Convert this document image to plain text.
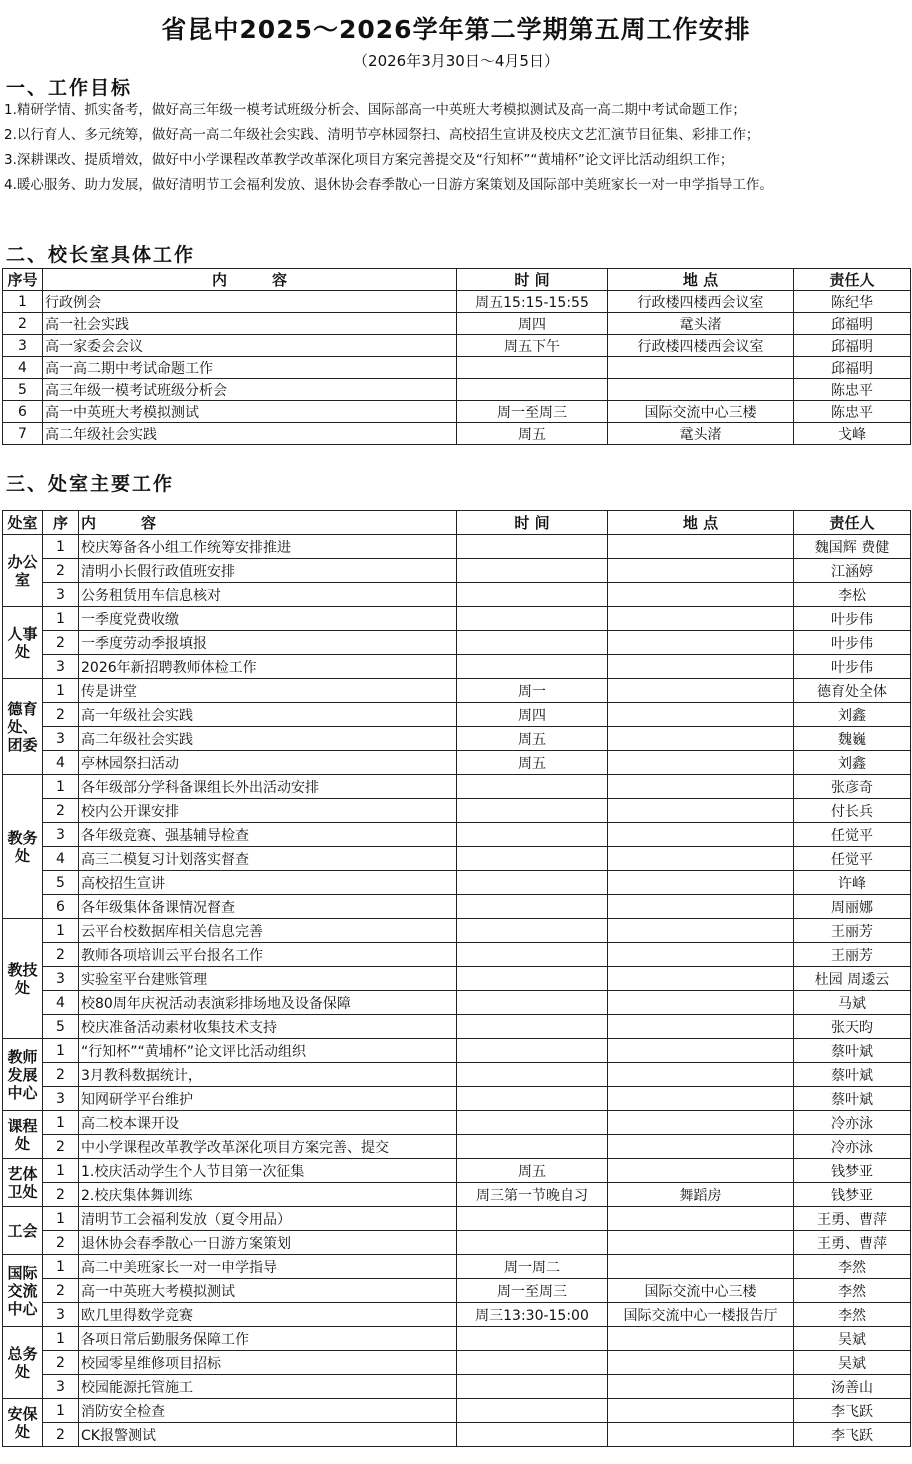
省昆中2025～2026学年第二学期第五周工作安排
（2026年3月30日～4月5日）
一、工作目标
1.精研学情、抓实备考，做好高三年级一模考试班级分析会、国际部高一中英班大考模拟测试及高一高二期中考试命题工作；
2.以行育人、多元统筹，做好高一高二年级社会实践、清明节亭林园祭扫、高校招生宣讲及校庆文艺汇演节目征集、彩排工作；
3.深耕课改、提质增效，做好中小学课程改革教学改革深化项目方案完善提交及“行知杯”“黄埔杯”论文评比活动组织工作；
4.暖心服务、助力发展，做好清明节工会福利发放、退休协会春季散心一日游方案策划及国际部中美班家长一对一申学指导工作。
二、校长室具体工作
序号	内　　　容	时 间	地 点	责任人
1	行政例会	周五15:15-15:55	行政楼四楼西会议室	陈纪华
2	高一社会实践	周四	鼋头渚	邱福明
3	高一家委会会议	周五下午	行政楼四楼西会议室	邱福明
4	高一高二期中考试命题工作			邱福明
5	高三年级一模考试班级分析会			陈忠平
6	高一中英班大考模拟测试	周一至周三	国际交流中心三楼	陈忠平
7	高二年级社会实践	周五	鼋头渚	戈峰
三、处室主要工作
处室	序	内　　　容	时 间	地 点	责任人
办公室	1	校庆筹备各小组工作统筹安排推进			魏国辉 费健
	2	清明小长假行政值班安排			江涵婷
	3	公务租赁用车信息核对			李松
人事处	1	一季度党费收缴			叶步伟
	2	一季度劳动季报填报			叶步伟
	3	2026年新招聘教师体检工作			叶步伟
德育处、团委	1	传是讲堂	周一		德育处全体
	2	高一年级社会实践	周四		刘鑫
	3	高二年级社会实践	周五		魏巍
	4	亭林园祭扫活动	周五		刘鑫
教务处	1	各年级部分学科备课组长外出活动安排			张彦奇
	2	校内公开课安排			付长兵
	3	各年级竞赛、强基辅导检查			任觉平
	4	高三二模复习计划落实督查			任觉平
	5	高校招生宣讲			许峰
	6	各年级集体备课情况督查			周丽娜
教技处	1	云平台校数据库相关信息完善			王丽芳
	2	教师各项培训云平台报名工作			王丽芳
	3	实验室平台建账管理			杜园 周逶云
	4	校80周年庆祝活动表演彩排场地及设备保障			马斌
	5	校庆准备活动素材收集技术支持			张天昀
教师发展中心	1	“行知杯”“黄埔杯”论文评比活动组织			蔡叶斌
	2	3月教科数据统计，			蔡叶斌
	3	知网研学平台维护			蔡叶斌
课程处	1	高二校本课开设			冷亦泳
	2	中小学课程改革教学改革深化项目方案完善、提交			冷亦泳
艺体卫处	1	1.校庆活动学生个人节目第一次征集	周五		钱梦亚
	2	2.校庆集体舞训练	周三第一节晚自习	舞蹈房	钱梦亚
工会	1	清明节工会福利发放（夏令用品）			王勇、曹萍
	2	退休协会春季散心一日游方案策划			王勇、曹萍
国际交流中心	1	高二中美班家长一对一申学指导	周一周二		李然
	2	高一中英班大考模拟测试	周一至周三	国际交流中心三楼	李然
	3	欧几里得数学竞赛	周三13:30-15:00	国际交流中心一楼报告厅	李然
总务处	1	各项日常后勤服务保障工作			吴斌
	2	校园零星维修项目招标			吴斌
	3	校园能源托管施工			汤善山
安保处	1	消防安全检查			李飞跃
	2	CK报警测试			李飞跃
